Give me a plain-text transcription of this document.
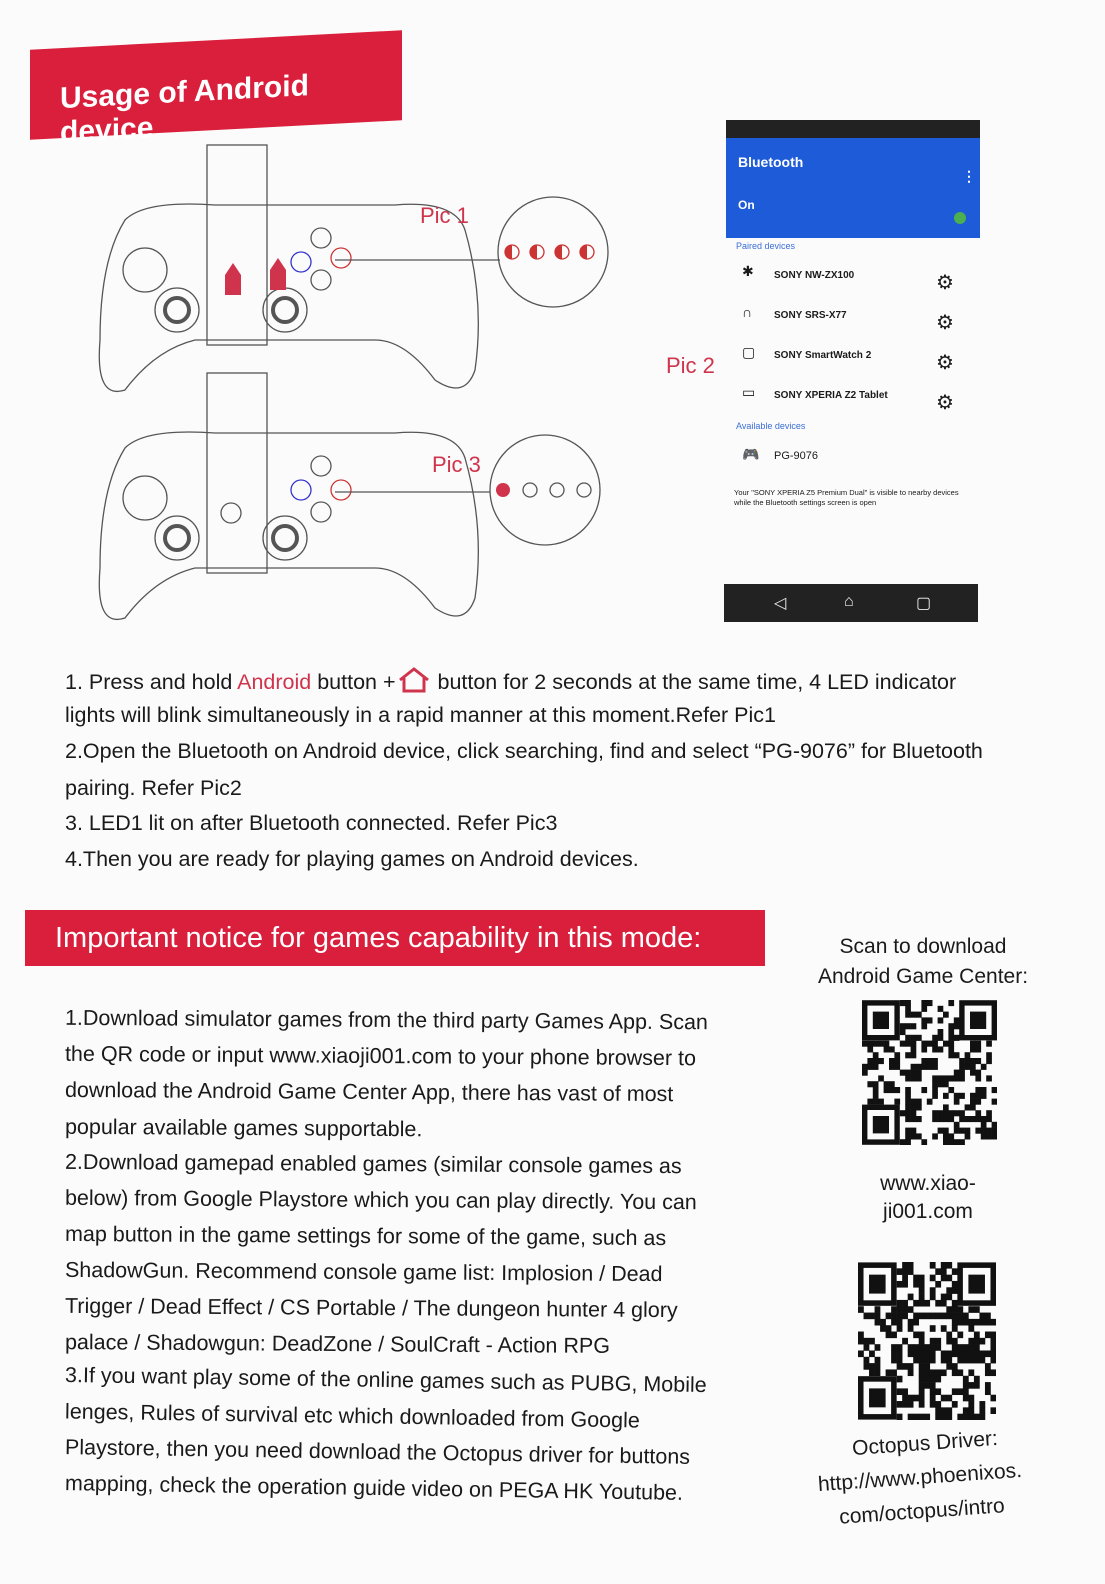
Usage of Android device
Pic 1
Pic 3
Pic 2
Bluetooth
⋮
On
Paired devices
✱ SONY NW-ZX100	⚙
∩ SONY SRS-X77	⚙
▢ SONY SmartWatch 2	⚙
▭ SONY XPERIA Z2 Tablet ⚙
Available devices
🎮 PG-9076
Your "SONY XPERIA Z5 Premium Dual" is visible to nearby devices while the Bluetooth settings screen is open
◁	⌂	▢
1. Press and hold Android button + button for 2 seconds at the same time, 4 LED indicator
lights will blink simultaneously in a rapid manner at this moment.Refer Pic1
2.Open the Bluetooth on Android device, click searching, find and select “PG-9076” for Bluetooth
pairing. Refer Pic2
3. LED1 lit on after Bluetooth connected. Refer Pic3
4.Then you are ready for playing games on Android devices.
Important notice for games capability in this mode:
1.Download simulator games from the third party Games App. Scan
the QR code or input www.xiaoji001.com to your phone browser to
download the Android Game Center App, there has vast of most
popular available games supportable.
2.Download gamepad enabled games (similar console games as
below) from Google Playstore which you can play directly. You can
map button in the game settings for some of the game, such as
ShadowGun. Recommend console game list: Implosion / Dead
Trigger / Dead Effect / CS Portable / The dungeon hunter 4 glory
palace / Shadowgun: DeadZone / SoulCraft - Action RPG
3.If you want play some of the online games such as PUBG, Mobile
lenges, Rules of survival etc which downloaded from Google
Playstore, then you need download the Octopus driver for buttons
mapping, check the operation guide video on PEGA HK Youtube.
Scan to download
Android Game Center:
www.xiao-
ji001.com
Octopus Driver:
http://www.phoenixos.
com/octopus/intro
